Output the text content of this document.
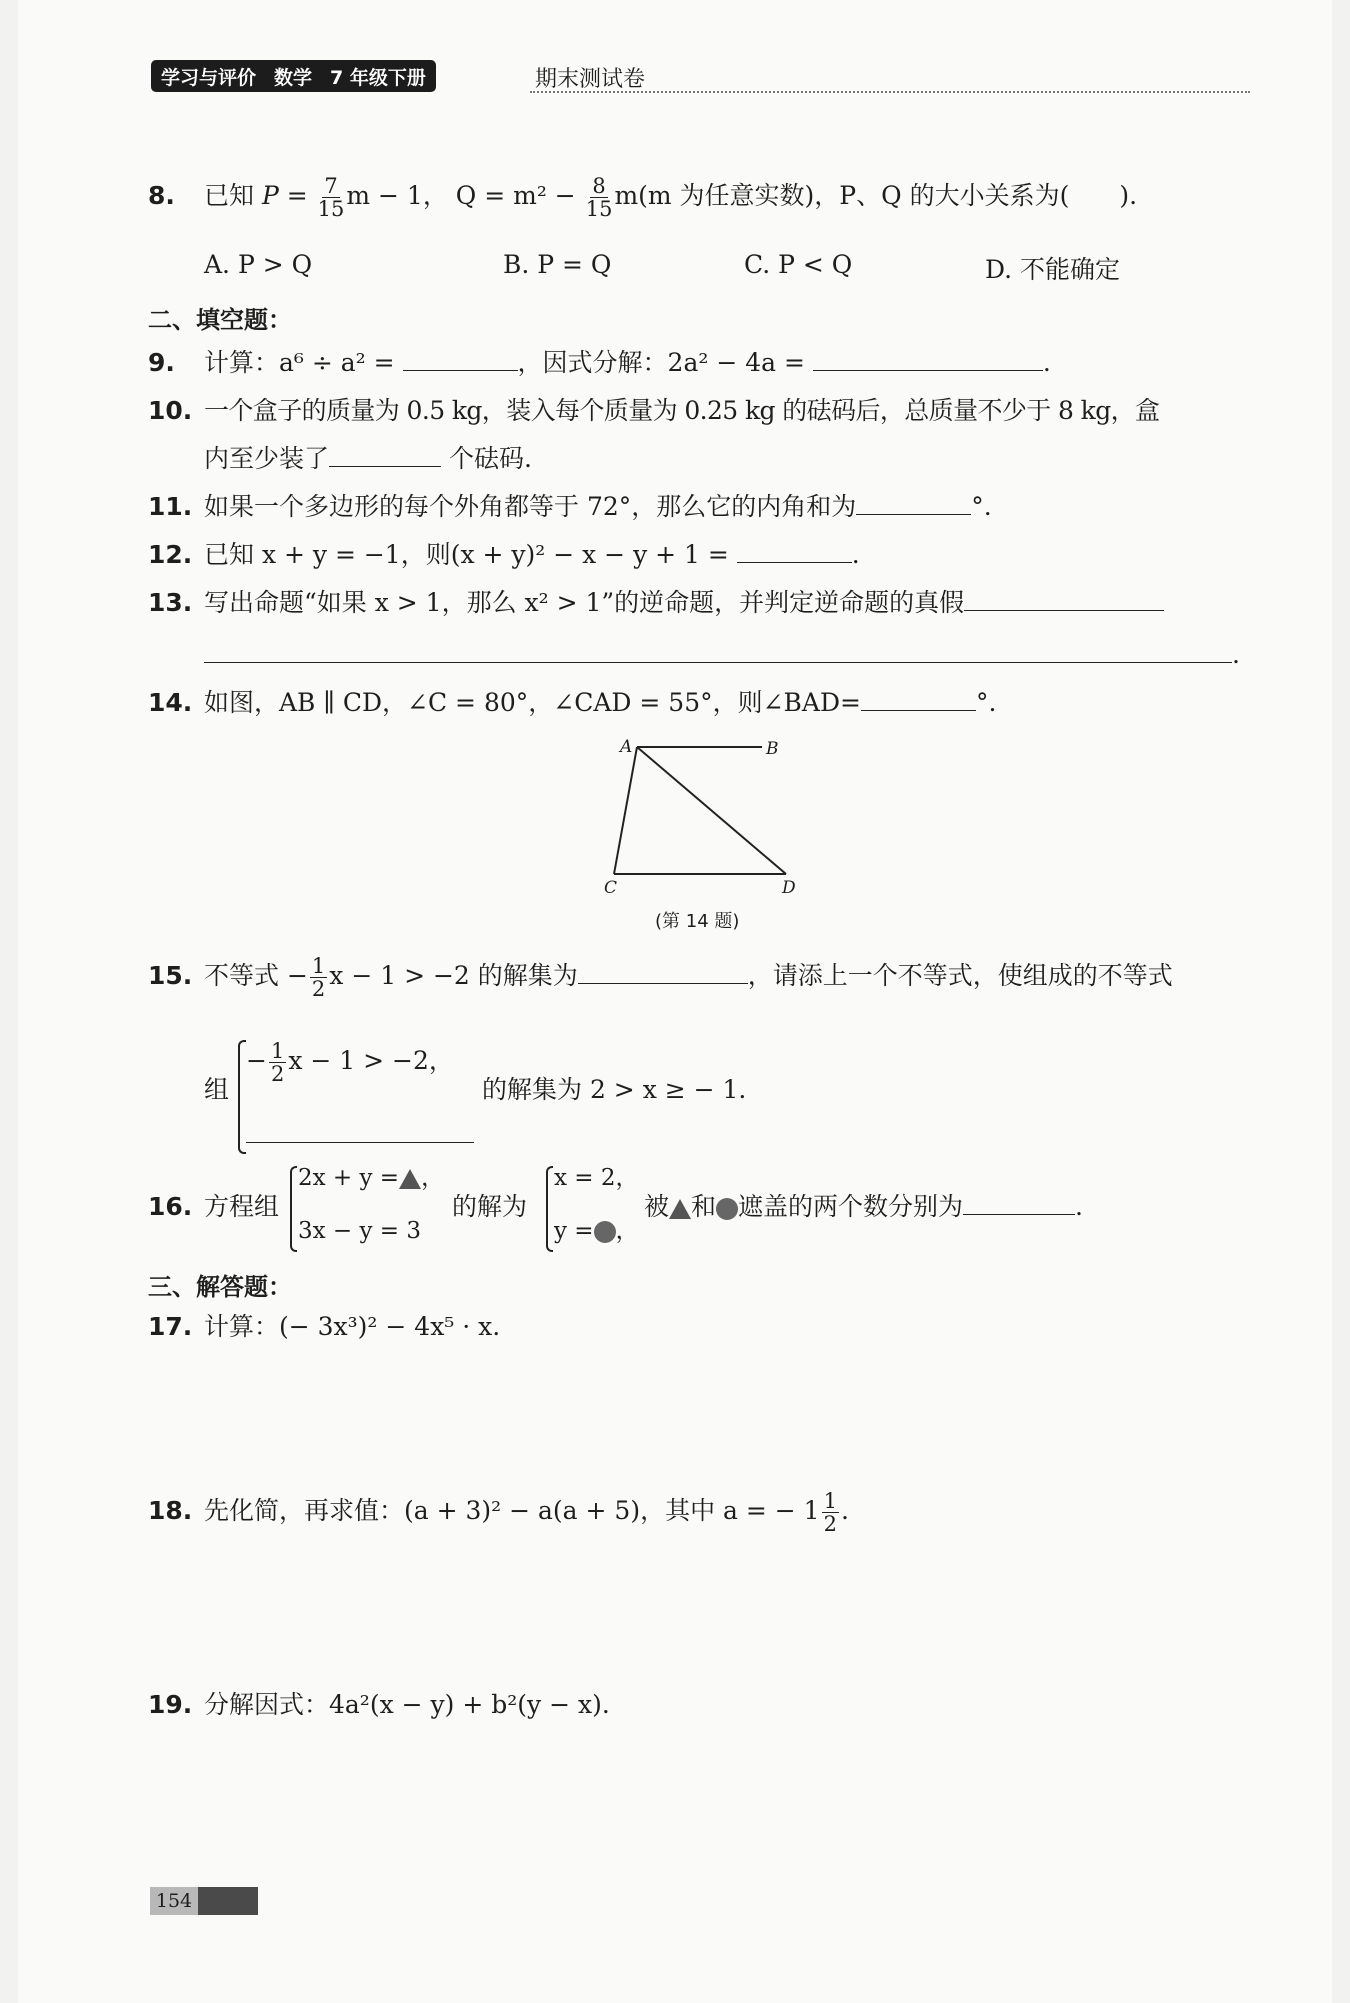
学习与评价 数学 7 年级下册	期末测试卷
8. 已知 $P = \frac{7}{15}$ m − 1， $Q = m^2 - \frac{8}{15} m(m$ 为任意实数)，P、Q 的大小关系为(　　).
A. P > Q	B. P = Q	C. P < Q	D. 不能确定
二、填空题：
9. 计算：a⁶ ÷ a² =	，因式分解：2a² − 4a =	.
10. 一个盒子的质量为 0.5 kg，装入每个质量为 0.25 kg 的砝码后，总质量不少于 8 kg，盒
内至少装了	个砝码.
11. 如果一个多边形的每个外角都等于 72°，那么它的内角和为	°.
12. 已知 x + y = −1，则(x + y)² − x − y + 1 =	.
13. 写出命题“如果 x > 1，那么 x² > 1”的逆命题，并判定逆命题的真假
.
14. 如图，AB ∥ CD，∠C = 80°，∠CAD = 55°，则∠BAD=	°.
A	B
C	D
(第 14 题)
15. 不等式 − $\frac{1}{2}$ x − 1 > −2 的解集为	，请添上一个不等式，使组成的不等式
组
− $\frac{1}{2}$ x − 1 > −2，
的解集为 2 > x ≥ − 1.
16. 方程组
2x + y = ，
3x − y = 3
的解为
x = 2，
y = ，
被 和 遮盖的两个数分别为	.
三、解答题：
17. 计算：(− 3x³)² − 4x⁵ · x.
18. 先化简，再求值：(a + 3)² − a(a + 5)，其中 a = − $1 \frac{1}{2}$ .
19. 分解因式：4a²(x − y) + b²(y − x).
154
